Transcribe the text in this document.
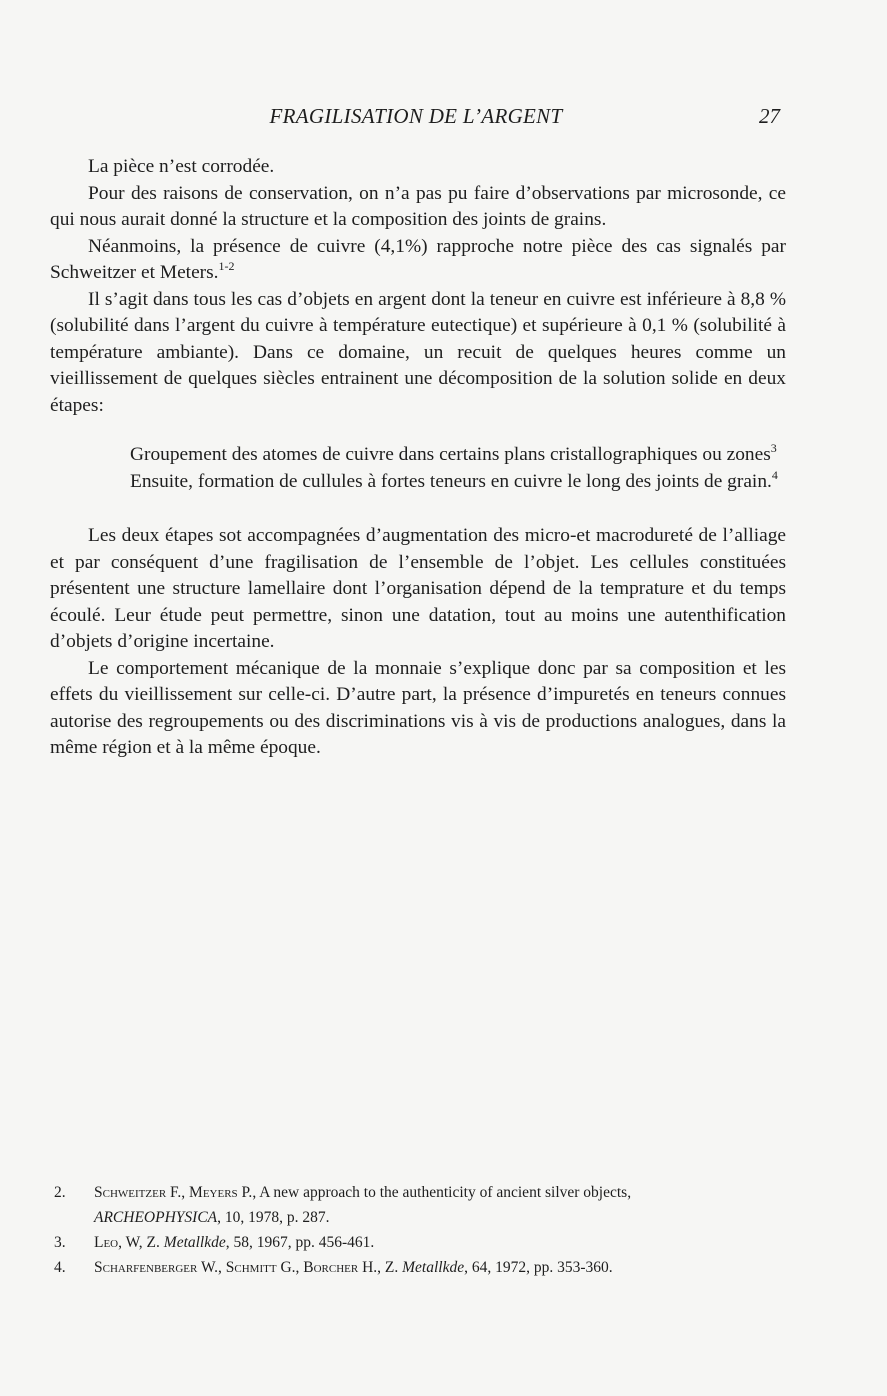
FRAGILISATION DE L’ARGENT	27

La pièce n’est corrodée.

Pour des raisons de conservation, on n’a pas pu faire d’observations par microsonde, ce qui nous aurait donné la structure et la composition des joints de grains.

Néanmoins, la présence de cuivre (4,1%) rapproche notre pièce des cas signalés par Schweitzer et Meters.$^{1-2}$

Il s’agit dans tous les cas d’objets en argent dont la teneur en cuivre est inférieure à 8,8 % (solubilité dans l’argent du cuivre à température eutectique) et supérieure à 0,1 % (solubilité à température ambiante). Dans ce domaine, un recuit de quelques heures comme un vieillissement de quelques siècles entrainent une décomposition de la solution solide en deux étapes:

Groupement des atomes de cuivre dans certains plans cristallographiques ou zones$^3$

Ensuite, formation de cullules à fortes teneurs en cuivre le long des joints de grain.$^4$

Les deux étapes sot accompagnées d’augmentation des micro-et macrodureté de l’alliage et par conséquent d’une fragilisation de l’ensemble de l’objet. Les cellules constituées présentent une structure lamellaire dont l’organisation dépend de la temprature et du temps écoulé. Leur étude peut permettre, sinon une datation, tout au moins une autenthification d’objets d’origine incertaine.

Le comportement mécanique de la monnaie s’explique donc par sa composition et les effets du vieillissement sur celle-ci. D’autre part, la présence d’impuretés en teneurs connues autorise des regroupements ou des discriminations vis à vis de productions analogues, dans la même région et à la même époque.

2. Schweitzer F., Meyers P., A new approach to the authenticity of ancient silver objects,
ARCHEOPHYSICA, 10, 1978, p. 287.
3. Leo, W, Z. Metallkde, 58, 1967, pp. 456-461.
4. Scharfenberger W., Schmitt G., Borcher H., Z. Metallkde, 64, 1972, pp. 353-360.
